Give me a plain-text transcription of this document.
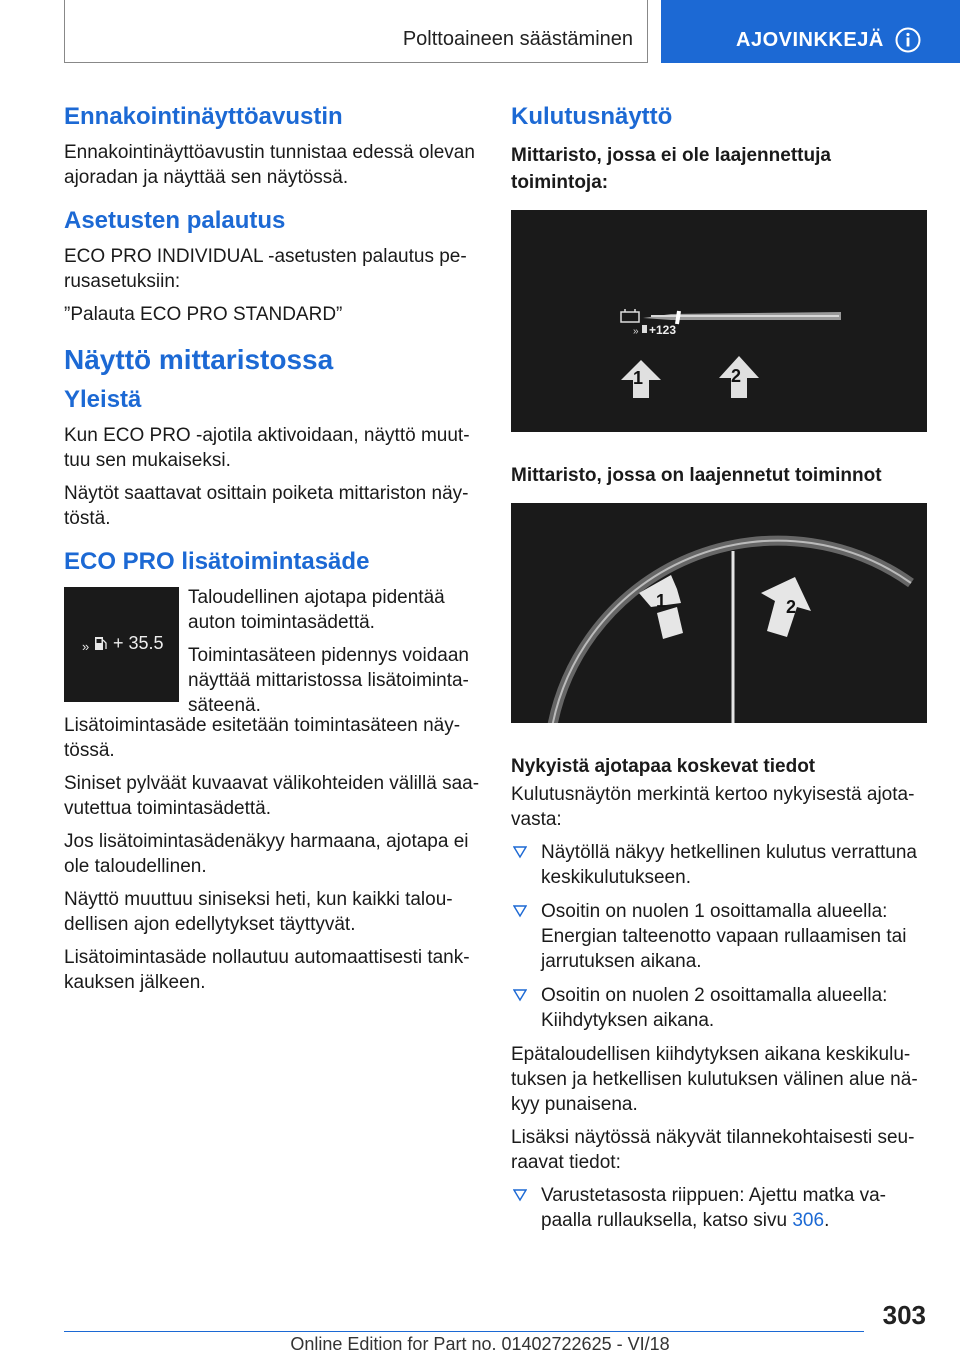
Polttoaineen säästäminen	AJOVINKKEJÄ
Ennakointinäyttöavustin

Ennakointinäyttöavustin tunnistaa edessä olevan ajoradan ja näyttää sen näytössä.

Asetusten palautus

ECO PRO INDIVIDUAL -asetusten palautus pe-rusasetuksiin:

”Palauta ECO PRO STANDARD”

Näyttö mittaristossa
Yleistä

Kun ECO PRO -ajotila aktivoidaan, näyttö muut-tuu sen mukaiseksi.

Näytöt saattavat osittain poiketa mittariston näy-töstä.

ECO PRO lisätoimintasäde
» + 35.5

Taloudellinen ajotapa pidentää auton toimintasädettä.

Toimintasäteen pidennys voidaan näyttää mittaristossa lisätoiminta-säteenä.

Lisätoimintasäde esitetään toimintasäteen näy-tössä.

Siniset pylväät kuvaavat välikohteiden välillä saa-vutettua toimintasädettä.

Jos lisätoimintasädenäkyy harmaana, ajotapa ei ole taloudellinen.

Näyttö muuttuu siniseksi heti, kun kaikki talou-dellisen ajon edellytykset täyttyvät.

Lisätoimintasäde nollautuu automaattisesti tank-kauksen jälkeen.

Kulutusnäyttö
Mittaristo, jossa ei ole laajennettuja toimintoja:
» +123
1	2
Mittaristo, jossa on laajennetut toiminnot
1	2
Nykyistä ajotapaa koskevat tiedot

Kulutusnäytön merkintä kertoo nykyisestä ajota-vasta:

Näytöllä näkyy hetkellinen kulutus verrattuna keskikulutukseen.
Osoitin on nuolen 1 osoittamalla alueella: Energian talteenotto vapaan rullaamisen tai jarrutuksen aikana.
Osoitin on nuolen 2 osoittamalla alueella: Kiihdytyksen aikana.

Epätaloudellisen kiihdytyksen aikana keskikulu-tuksen ja hetkellisen kulutuksen välinen alue nä-kyy punaisena.

Lisäksi näytössä näkyvät tilannekohtaisesti seu-raavat tiedot:

Varustetasosta riippuen: Ajettu matka va-paalla rullauksella, katso sivu 306.
303
Online Edition for Part no. 01402722625 - VI/18
